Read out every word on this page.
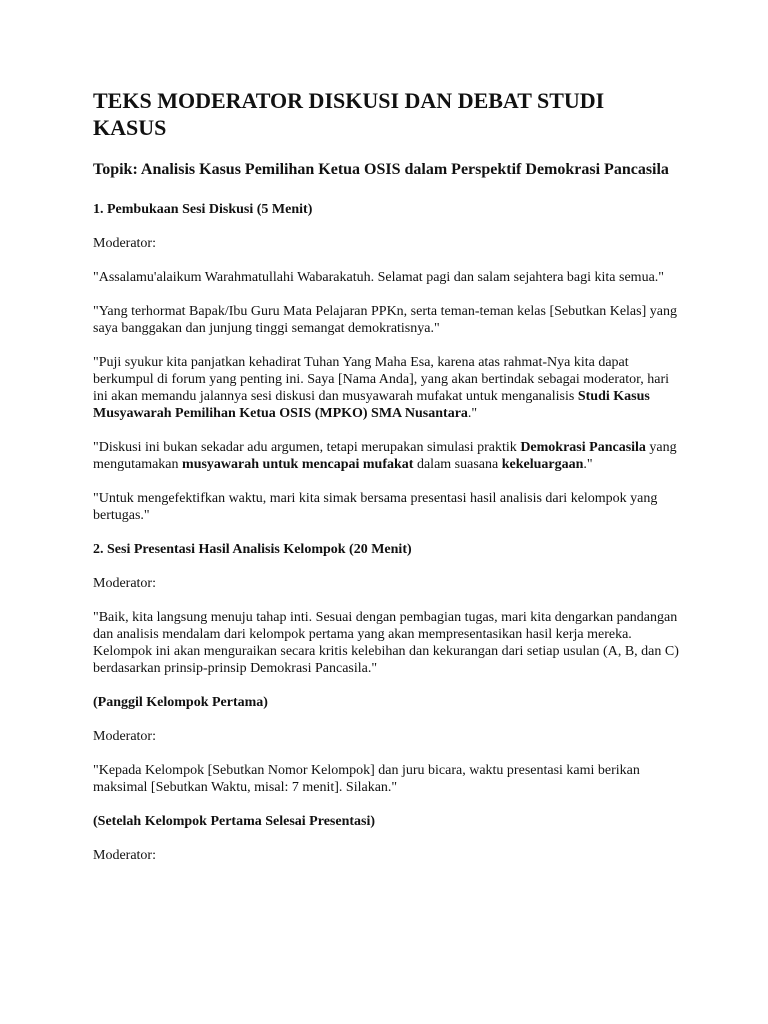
TEKS MODERATOR DISKUSI DAN DEBAT STUDI KASUS
Topik: Analisis Kasus Pemilihan Ketua OSIS dalam Perspektif Demokrasi Pancasila
1. Pembukaan Sesi Diskusi (5 Menit)

Moderator:

"Assalamu'alaikum Warahmatullahi Wabarakatuh. Selamat pagi dan salam sejahtera bagi kita semua."

"Yang terhormat Bapak/Ibu Guru Mata Pelajaran PPKn, serta teman-teman kelas [Sebutkan Kelas] yang saya banggakan dan junjung tinggi semangat demokratisnya."

"Puji syukur kita panjatkan kehadirat Tuhan Yang Maha Esa, karena atas rahmat-Nya kita dapat berkumpul di forum yang penting ini. Saya [Nama Anda], yang akan bertindak sebagai moderator, hari ini akan memandu jalannya sesi diskusi dan musyawarah mufakat untuk menganalisis Studi Kasus Musyawarah Pemilihan Ketua OSIS (MPKO) SMA Nusantara."

"Diskusi ini bukan sekadar adu argumen, tetapi merupakan simulasi praktik Demokrasi Pancasila yang mengutamakan musyawarah untuk mencapai mufakat dalam suasana kekeluargaan."

"Untuk mengefektifkan waktu, mari kita simak bersama presentasi hasil analisis dari kelompok yang bertugas."

2. Sesi Presentasi Hasil Analisis Kelompok (20 Menit)

Moderator:

"Baik, kita langsung menuju tahap inti. Sesuai dengan pembagian tugas, mari kita dengarkan pandangan dan analisis mendalam dari kelompok pertama yang akan mempresentasikan hasil kerja mereka. Kelompok ini akan menguraikan secara kritis kelebihan dan kekurangan dari setiap usulan (A, B, dan C) berdasarkan prinsip-prinsip Demokrasi Pancasila."

(Panggil Kelompok Pertama)

Moderator:

"Kepada Kelompok [Sebutkan Nomor Kelompok] dan juru bicara, waktu presentasi kami berikan maksimal [Sebutkan Waktu, misal: 7 menit]. Silakan."

(Setelah Kelompok Pertama Selesai Presentasi)

Moderator:
